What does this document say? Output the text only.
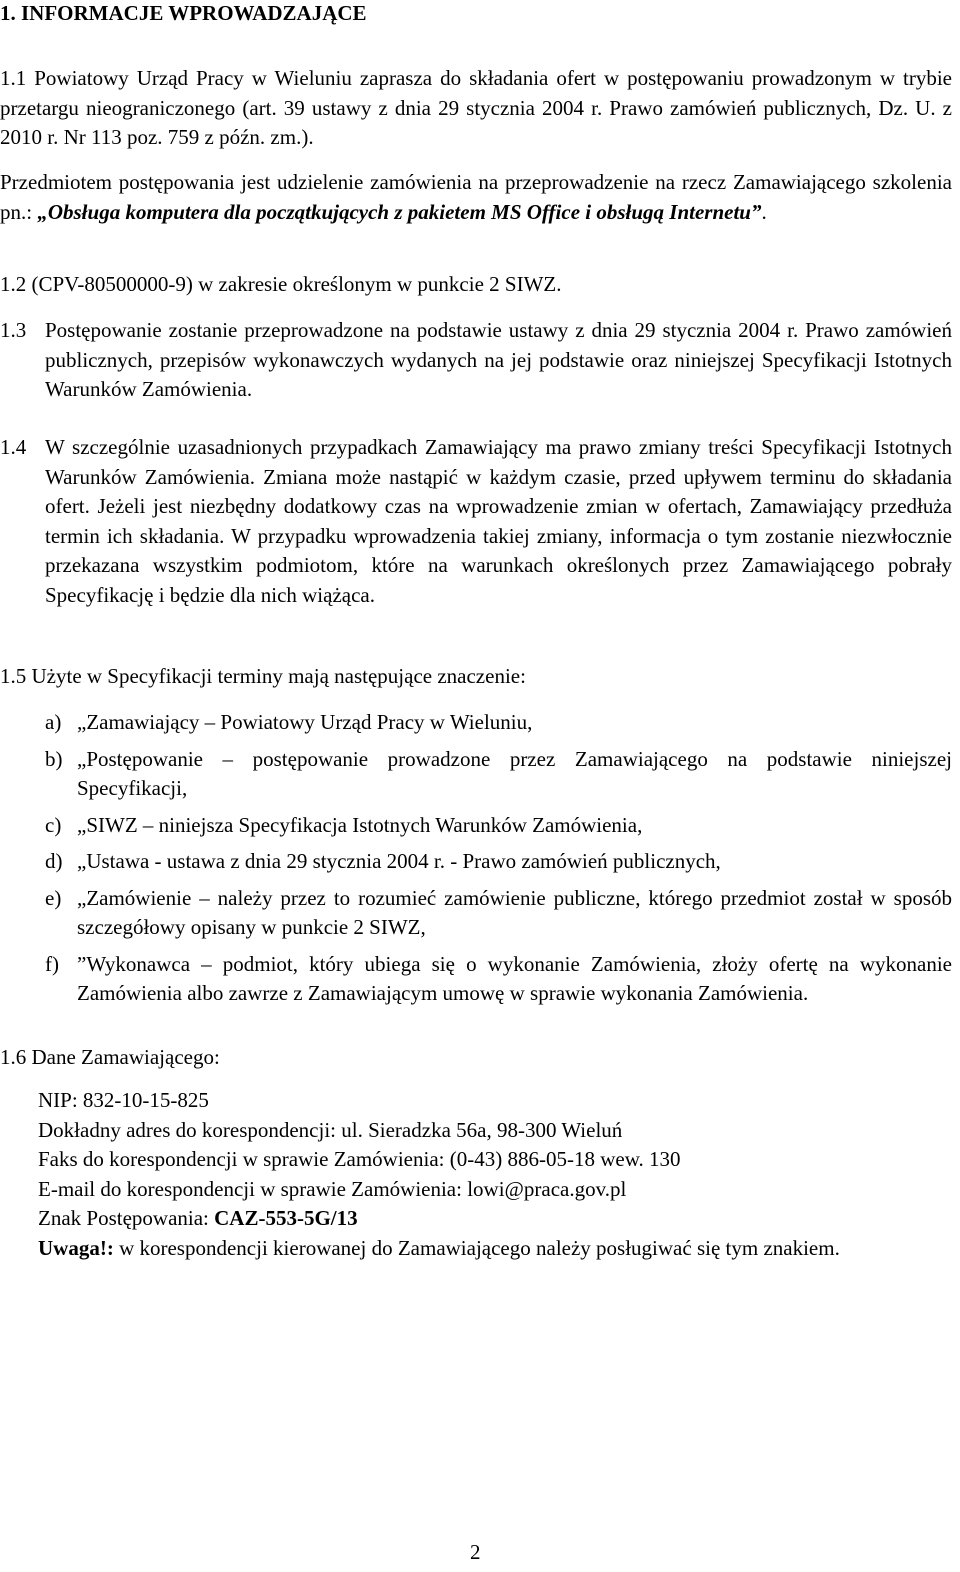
1. INFORMACJE WPROWADZAJĄCE
1.1 Powiatowy Urząd Pracy w Wieluniu zaprasza do składania ofert w postępowaniu prowadzonym w trybie przetargu nieograniczonego (art. 39 ustawy z dnia 29 stycznia 2004 r. Prawo zamówień publicznych, Dz. U. z 2010 r. Nr 113 poz. 759 z późn. zm.).
Przedmiotem postępowania jest udzielenie zamówienia na przeprowadzenie na rzecz Zamawiającego szkolenia pn.: „Obsługa komputera dla początkujących z pakietem MS Office i obsługą Internetu”.
1.2 (CPV-80500000-9) w zakresie określonym w punkcie 2 SIWZ.
1.3 Postępowanie zostanie przeprowadzone na podstawie ustawy z dnia 29 stycznia 2004 r. Prawo zamówień publicznych, przepisów wykonawczych wydanych na jej podstawie oraz niniejszej Specyfikacji Istotnych Warunków Zamówienia.
1.4 W szczególnie uzasadnionych przypadkach Zamawiający ma prawo zmiany treści Specyfikacji Istotnych Warunków Zamówienia. Zmiana może nastąpić w każdym czasie, przed upływem terminu do składania ofert. Jeżeli jest niezbędny dodatkowy czas na wprowadzenie zmian w ofertach, Zamawiający przedłuża termin ich składania. W przypadku wprowadzenia takiej zmiany, informacja o tym zostanie niezwłocznie przekazana wszystkim podmiotom, które na warunkach określonych przez Zamawiającego pobrały Specyfikację i będzie dla nich wiążąca.
1.5 Użyte w Specyfikacji terminy mają następujące znaczenie:
a) „Zamawiający – Powiatowy Urząd Pracy w Wieluniu,
b) „Postępowanie – postępowanie prowadzone przez Zamawiającego na podstawie niniejszej Specyfikacji,
c) „SIWZ – niniejsza Specyfikacja Istotnych Warunków Zamówienia,
d) „Ustawa - ustawa z dnia 29 stycznia 2004 r. - Prawo zamówień publicznych,
e) „Zamówienie – należy przez to rozumieć zamówienie publiczne, którego przedmiot został w sposób szczegółowy opisany w punkcie 2 SIWZ,
f) ”Wykonawca – podmiot, który ubiega się o wykonanie Zamówienia, złoży ofertę na wykonanie Zamówienia albo zawrze z Zamawiającym umowę w sprawie wykonania Zamówienia.
1.6 Dane Zamawiającego:
NIP: 832-10-15-825
Dokładny adres do korespondencji: ul. Sieradzka 56a, 98-300 Wieluń
Faks do korespondencji w sprawie Zamówienia: (0-43) 886-05-18 wew. 130
E-mail do korespondencji w sprawie Zamówienia: lowi@praca.gov.pl
Znak Postępowania: CAZ-553-5G/13
Uwaga!: w korespondencji kierowanej do Zamawiającego należy posługiwać się tym znakiem.
2
